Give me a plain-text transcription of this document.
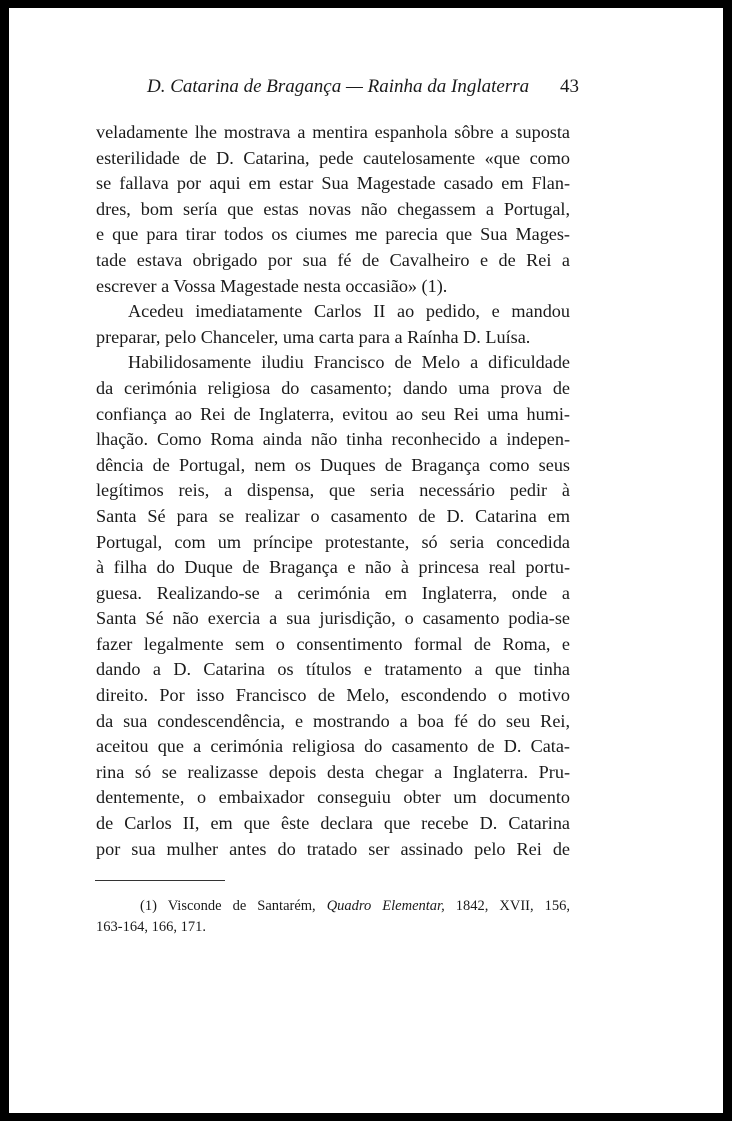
D. Catarina de Bragança — Rainha da Inglaterra 43
veladamente lhe mostrava a mentira espanhola sôbre a suposta
esterilidade de D. Catarina, pede cautelosamente «que como
se fallava por aqui em estar Sua Magestade casado em Flan-
dres, bom sería que estas novas não chegassem a Portugal,
e que para tirar todos os ciumes me parecia que Sua Mages-
tade estava obrigado por sua fé de Cavalheiro e de Rei a
escrever a Vossa Magestade nesta occasião» (1).
Acedeu imediatamente Carlos II ao pedido, e mandou
preparar, pelo Chanceler, uma carta para a Raínha D. Luísa.
Habilidosamente iludiu Francisco de Melo a dificuldade
da cerimónia religiosa do casamento; dando uma prova de
confiança ao Rei de Inglaterra, evitou ao seu Rei uma humi-
lhação. Como Roma ainda não tinha reconhecido a indepen-
dência de Portugal, nem os Duques de Bragança como seus
legítimos reis, a dispensa, que seria necessário pedir à
Santa Sé para se realizar o casamento de D. Catarina em
Portugal, com um príncipe protestante, só seria concedida
à filha do Duque de Bragança e não à princesa real portu-
guesa. Realizando-se a cerimónia em Inglaterra, onde a
Santa Sé não exercia a sua jurisdição, o casamento podia-se
fazer legalmente sem o consentimento formal de Roma, e
dando a D. Catarina os títulos e tratamento a que tinha
direito. Por isso Francisco de Melo, escondendo o motivo
da sua condescendência, e mostrando a boa fé do seu Rei,
aceitou que a cerimónia religiosa do casamento de D. Cata-
rina só se realizasse depois desta chegar a Inglaterra. Pru-
dentemente, o embaixador conseguiu obter um documento
de Carlos II, em que êste declara que recebe D. Catarina
por sua mulher antes do tratado ser assinado pelo Rei de
(1) Visconde de Santarém, Quadro Elementar, 1842, XVII, 156,
163-164, 166, 171.
